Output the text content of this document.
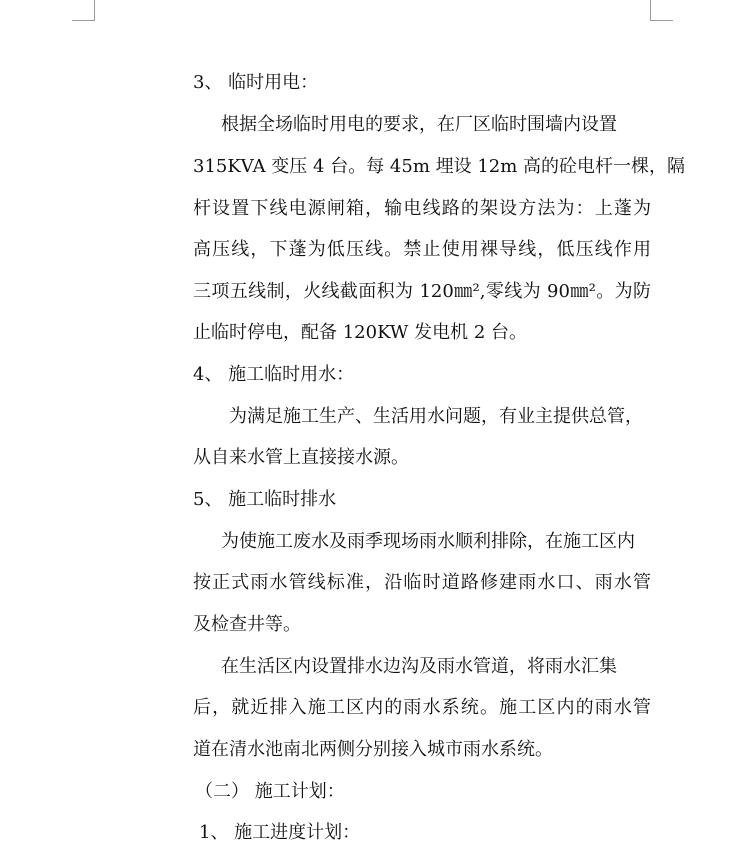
3、 临时用电：
根据全场临时用电的要求，在厂区临时围墙内设置
315KVA 变压 4 台。每 45m 埋设 12m 高的砼电杆一棵，隔
杆设置下线电源闸箱，输电线路的架设方法为：上蓬为
高压线，下蓬为低压线。禁止使用裸导线，低压线作用
三项五线制，火线截面积为 120㎜²,零线为 90㎜²。为防
止临时停电，配备 120KW 发电机 2 台。
4、 施工临时用水：
为满足施工生产、生活用水问题，有业主提供总管，
从自来水管上直接接水源。
5、 施工临时排水
为使施工废水及雨季现场雨水顺利排除，在施工区内
按正式雨水管线标准，沿临时道路修建雨水口、雨水管
及检查井等。
在生活区内设置排水边沟及雨水管道，将雨水汇集
后，就近排入施工区内的雨水系统。施工区内的雨水管
道在清水池南北两侧分别接入城市雨水系统。
（二） 施工计划：
1、 施工进度计划：
